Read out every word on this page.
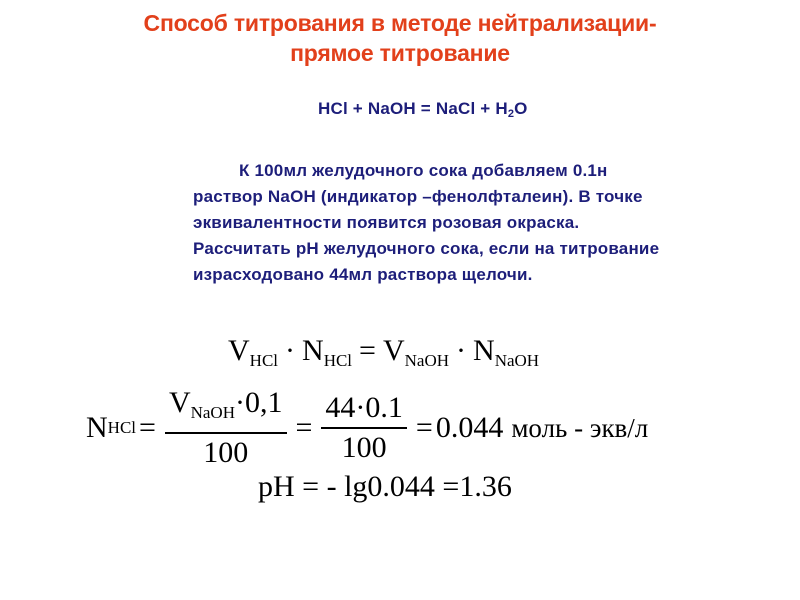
Способ титрования в методе нейтрализации-
прямое титрование
HCl + NaOH = NaCl + $H_2O$
К 100мл желудочного сока добавляем 0.1н
раствор NaOH (индикатор –фенолфталеин). В точке
эквивалентности появится розовая окраска.
Рассчитать рН желудочного сока, если на титрование
израсходовано 44мл раствора щелочи.
VHCl · NHCl = VNaOH · NNaOH
N HCl = $\frac{V_{NaOH}\cdot 0,1}{100} = \frac{44\cdot 0.1}{100} = 0.044$ моль - экв/л
pH = - lg0.044 =1.36
